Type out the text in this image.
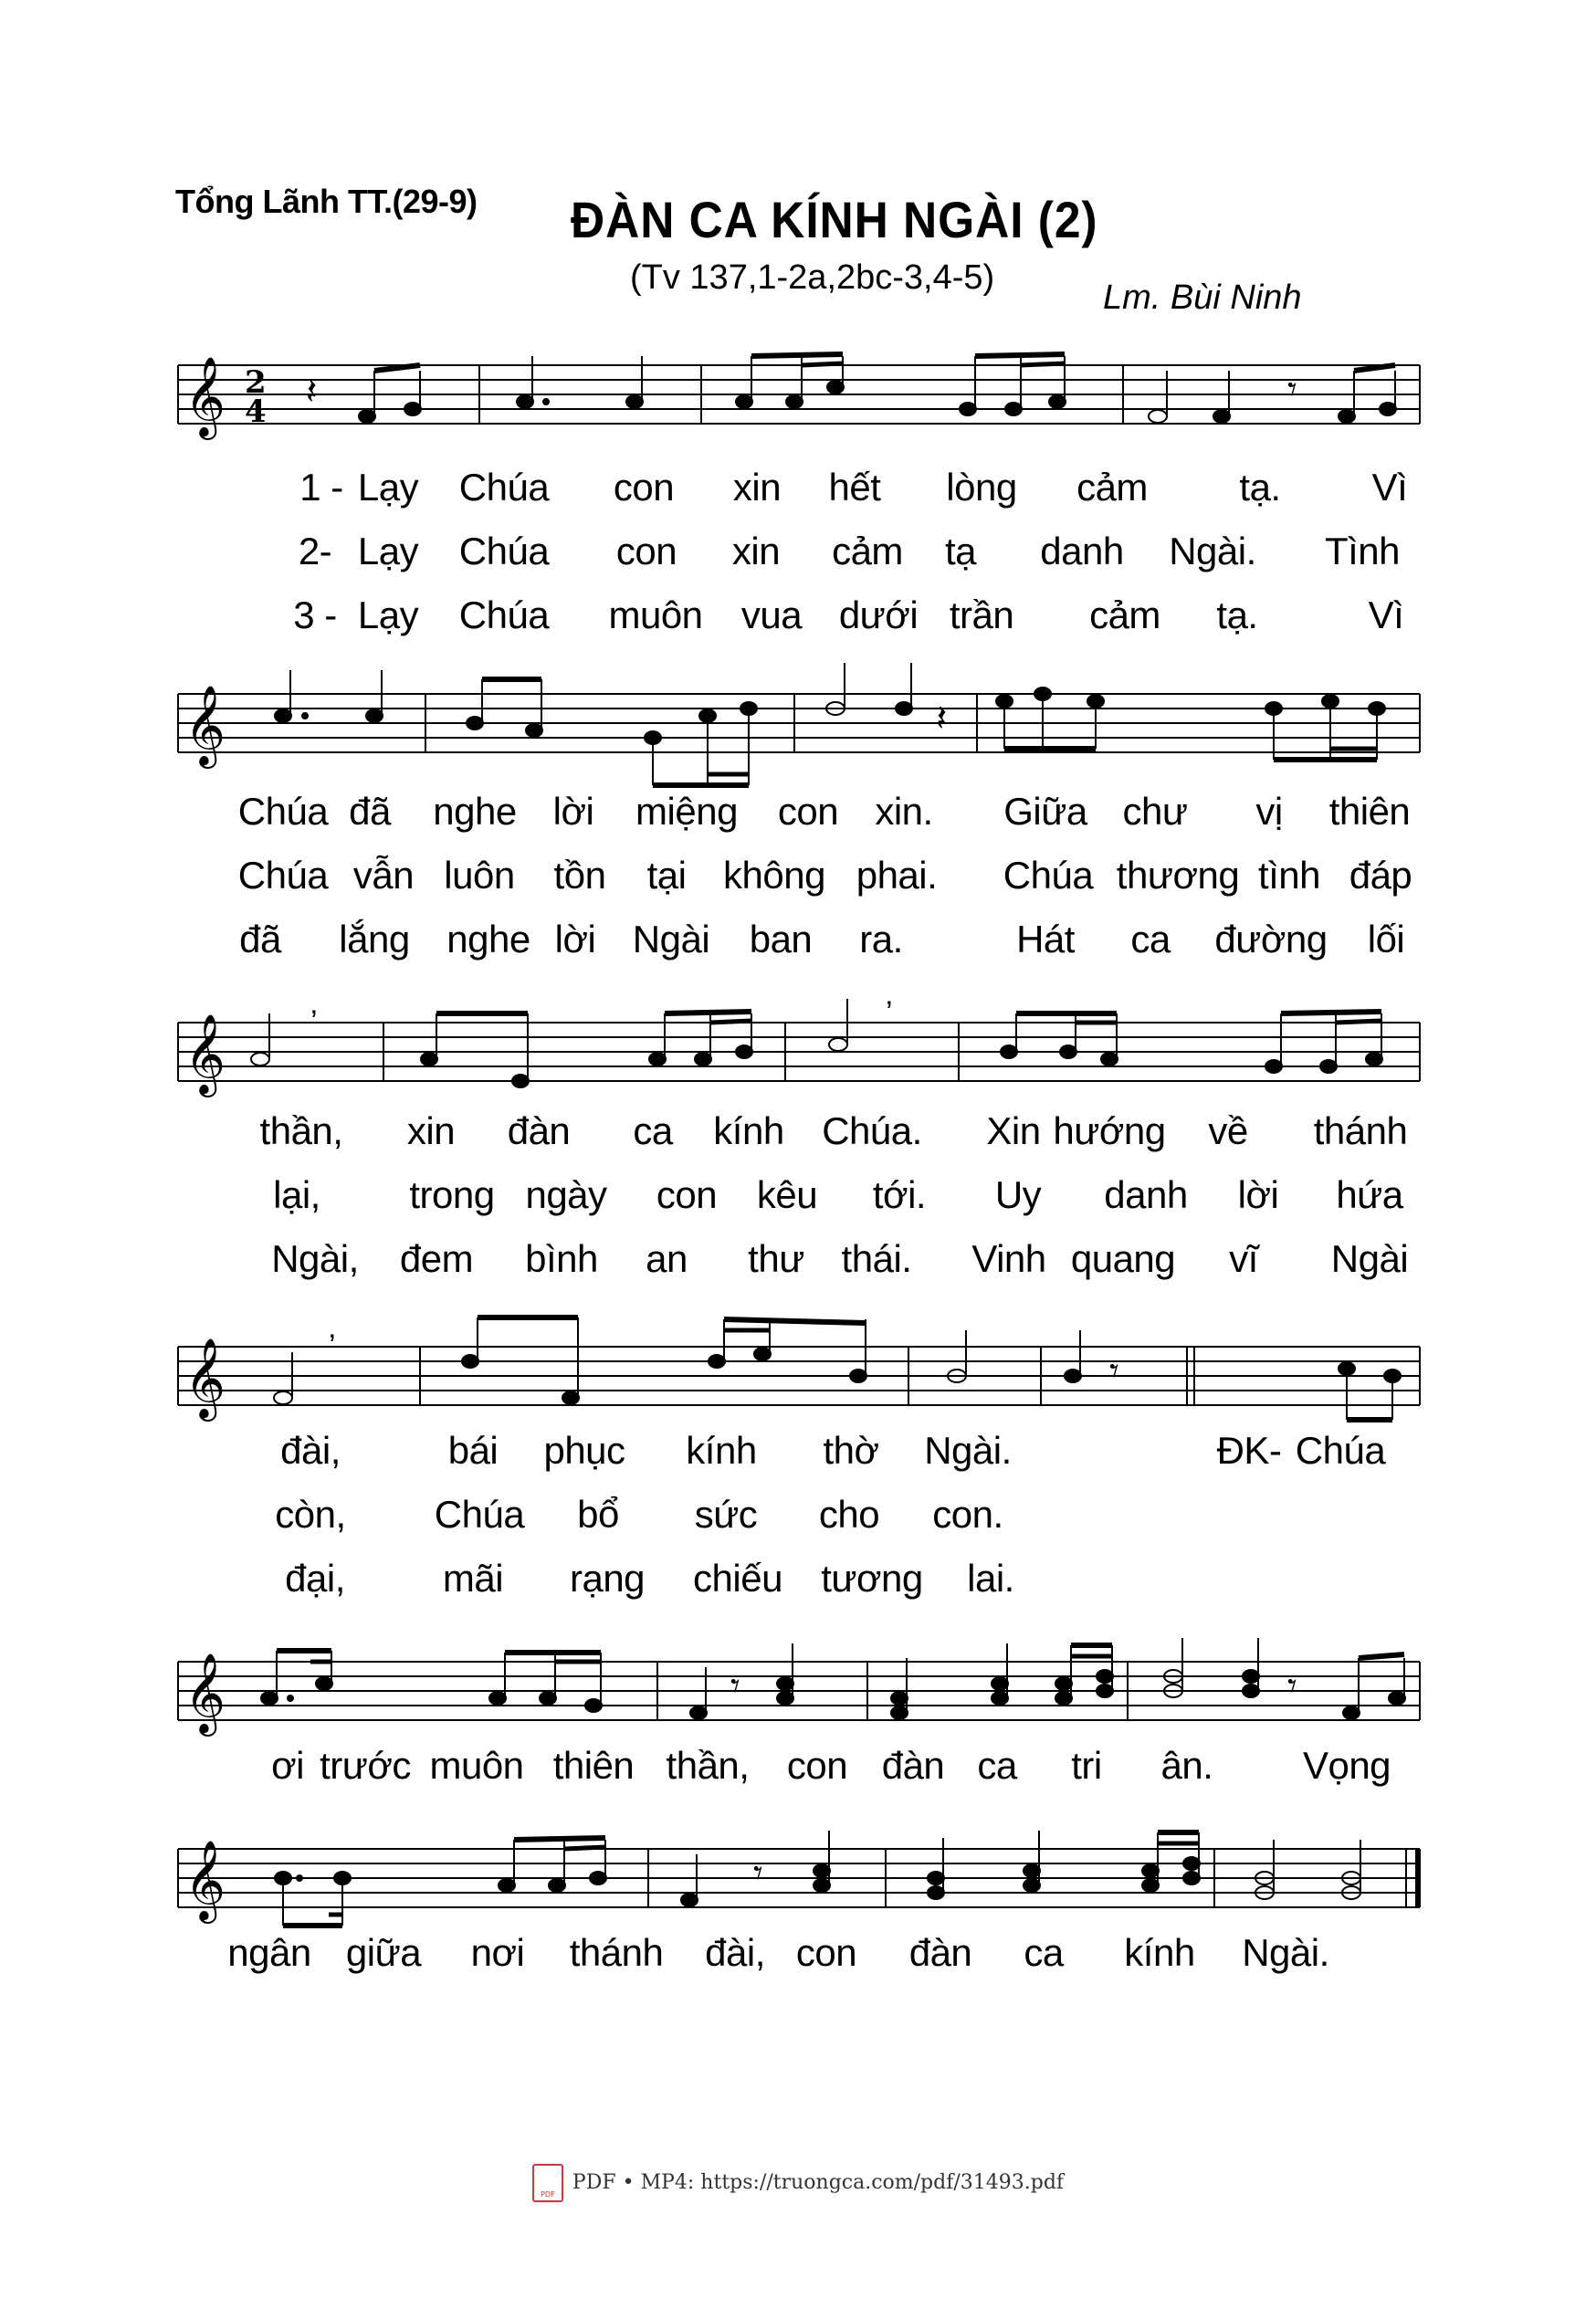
Tổng Lãnh TT.(29-9) ĐÀN CA KÍNH NGÀI (2)
(Tv 137,1-2a,2bc-3,4-5)
Lm. Bùi Ninh
𝄞 2
4 𝄽	𝄾
1 - Lạy Chúa con xin hết lòng cảm tạ. Vì
2- Lạy Chúa con xin cảm tạ danh Ngài. Tình
3 - Lạy Chúa muôn vua dưới trần cảm tạ.	Vì
𝄞	𝄽
Chúa đã nghe lời miệng con xin. Giữa chư vị thiên
Chúa vẫn luôn tồn tại không phai. Chúa thương tình đáp
đã lắng nghe lời Ngài ban ra.	Hát ca đường lối
𝄞	’	’
thần, xin đàn ca kính Chúa. Xin hướng về thánh
lại, trong ngày con kêu tới. Uy danh lời hứa
Ngài, đem bình an thư thái. Vinh quang vĩ Ngài
𝄞	’
𝄾
đài,	bái phục kính thờ Ngài.	ĐK- Chúa
còn, Chúa bổ sức cho con.
đại,	mãi rạng chiếu tương lai.
𝄞	𝄾	𝄾
ơi trước muôn thiên thần, con đàn ca tri ân. Vọng
𝄞	𝄾
ngân giữa nơi thánh đài, con đàn ca kính Ngài.
PDFPDF • MP4: https://truongca.com/pdf/31493.pdf
